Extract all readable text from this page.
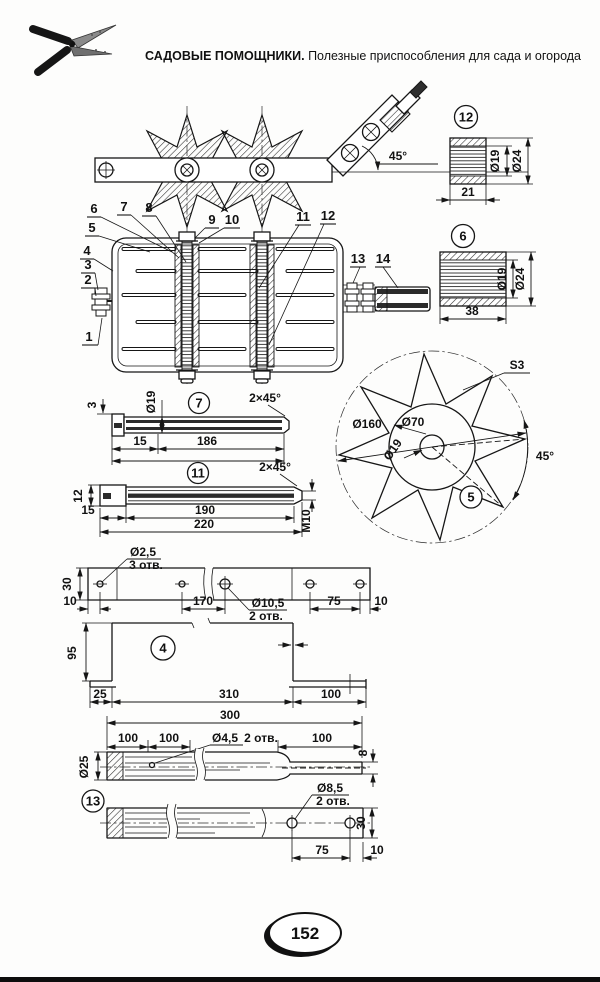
САДОВЫЕ ПОМОЩНИКИ. Полезные приспособления для сада и огорода
45°
1
2
3
4
5
6 7 8
9 10	11 12
13 14
12
Ø19 Ø24
21
6
Ø19 Ø24
38
7
3	Ø19	2×45°
15	186
11	2×45°
12
15	190
220	M10
Ø160 Ø70
Ø19	45°
S3
5
Ø2,5
3 отв.
30
10	170	Ø10,5
2 отв.
75	10
4
95
25	310	100
300
100 100	Ø4,5 2 отв.	100
Ø25
8
13
Ø8,5
2 отв.
30
75	10
152
